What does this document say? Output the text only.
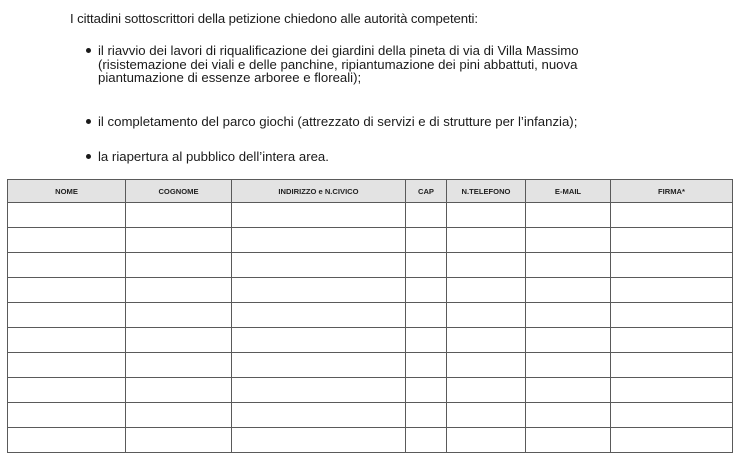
I cittadini sottoscrittori della petizione chiedono alle autorità competenti:

il riavvio dei lavori di riqualificazione dei giardini della pineta di via di Villa Massimo
(risistemazione dei viali e delle panchine, ripiantumazione dei pini abbattuti, nuova
piantumazione di essenze arboree e floreali);
il completamento del parco giochi (attrezzato di servizi e di strutture per l’infanzia);
la riapertura al pubblico dell’intera area.
NOME	COGNOME	INDIRIZZO e N.CIVICO	CAP	N.TELEFONO	E-MAIL	FIRMA*
